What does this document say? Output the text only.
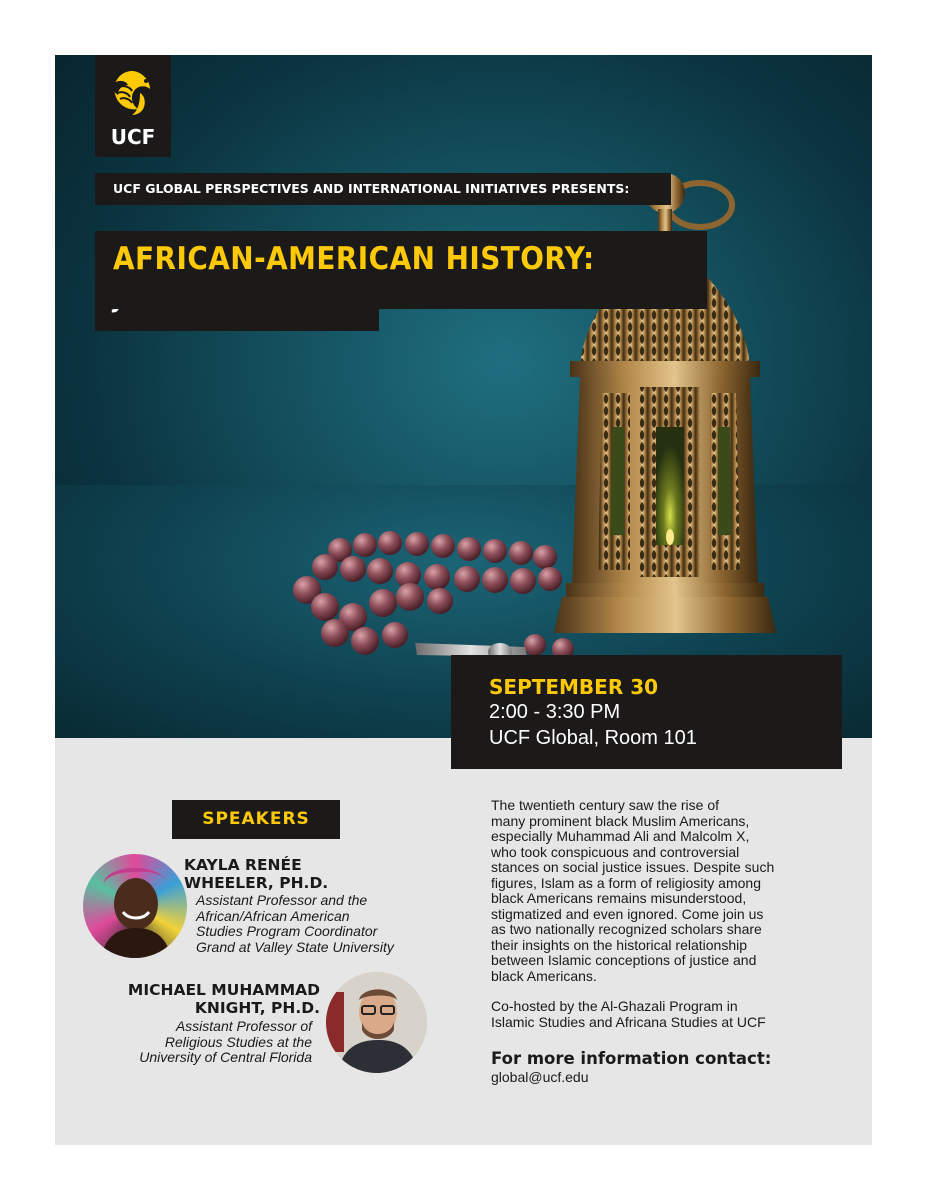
UCF
UCF GLOBAL PERSPECTIVES AND INTERNATIONAL INITIATIVES PRESENTS:
AFRICAN-AMERICAN HISTORY:
SEPTEMBER 30
2:00 - 3:30 PM
UCF Global, Room 101
SPEAKERS

KAYLA RENÉE

WHEELER, PH.D.

Assistant Professor and the

African/African American

Studies Program Coordinator

Grand at Valley State University

MICHAEL MUHAMMAD

KNIGHT, PH.D.

Assistant Professor of

Religious Studies at the

University of Central Florida

The twentieth century saw the rise of

many prominent black Muslim Americans,

especially Muhammad Ali and Malcolm X,

who took conspicuous and controversial

stances on social justice issues. Despite such

figures, Islam as a form of religiosity among

black Americans remains misunderstood,

stigmatized and even ignored. Come join us

as two nationally recognized scholars share

their insights on the historical relationship

between Islamic conceptions of justice and

black Americans.

Co-hosted by the Al-Ghazali Program in

Islamic Studies and Africana Studies at UCF

For more information contact:
global@ucf.edu
